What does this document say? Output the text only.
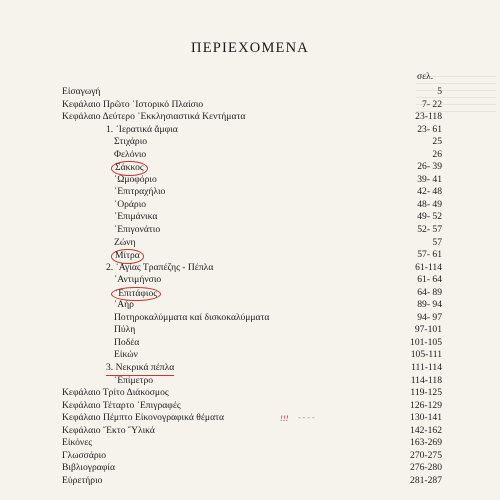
ΠΕΡΙΕΧΟΜΕΝΑ
σελ.
Εἰσαγωγή	5
Κεφάλαιο Πρῶτο ῾Ιστορικό Πλαίσιο	7- 22
Κεφάλαιο Δεύτερο ᾿Εκκλησιαστικά Κεντήματα	23-118
1. ῾Ιερατικά ἄμφια	23- 61
Στιχάριο	25
Φελόνιο	26
Σάκκος	26- 39
᾿Ωμοφόριο	39- 41
᾿Επιτραχήλιο	42- 48
᾿Οράριο	48- 49
᾿Επιμάνικα	49- 52
᾿Επιγονάτιο	52- 57
Ζώνη	57
Μίτρα	57- 61
2. ῾Αγίας Τραπέζης - Πέπλα	61-114
᾿Αντιμήνσιο	61- 64
᾿Επιτάφιος	64- 89
᾿Αήρ	89- 94
Ποτηροκαλύμματα καί δισκοκαλύμματα	94- 97
Πύλη	97-101
Ποδέα	101-105
Εἰκών	105-111
3. Νεκρικά πέπλα	111-114
᾿Επίμετρο	114-118
Κεφάλαιο Τρίτο Διάκοσμος	119-125
Κεφάλαιο Τέταρτο ᾿Επιγραφές	126-129
Κεφάλαιο Πέμπτο Εἰκονογραφικά θέματα	!!! - - - -	130-141
Κεφάλαιο ῞Εκτο ῞Υλικά	142-162
Εἰκόνες	163-269
Γλωσσάριο	270-275
Βιβλιογραφία	276-280
Εὑρετήριο	281-287
